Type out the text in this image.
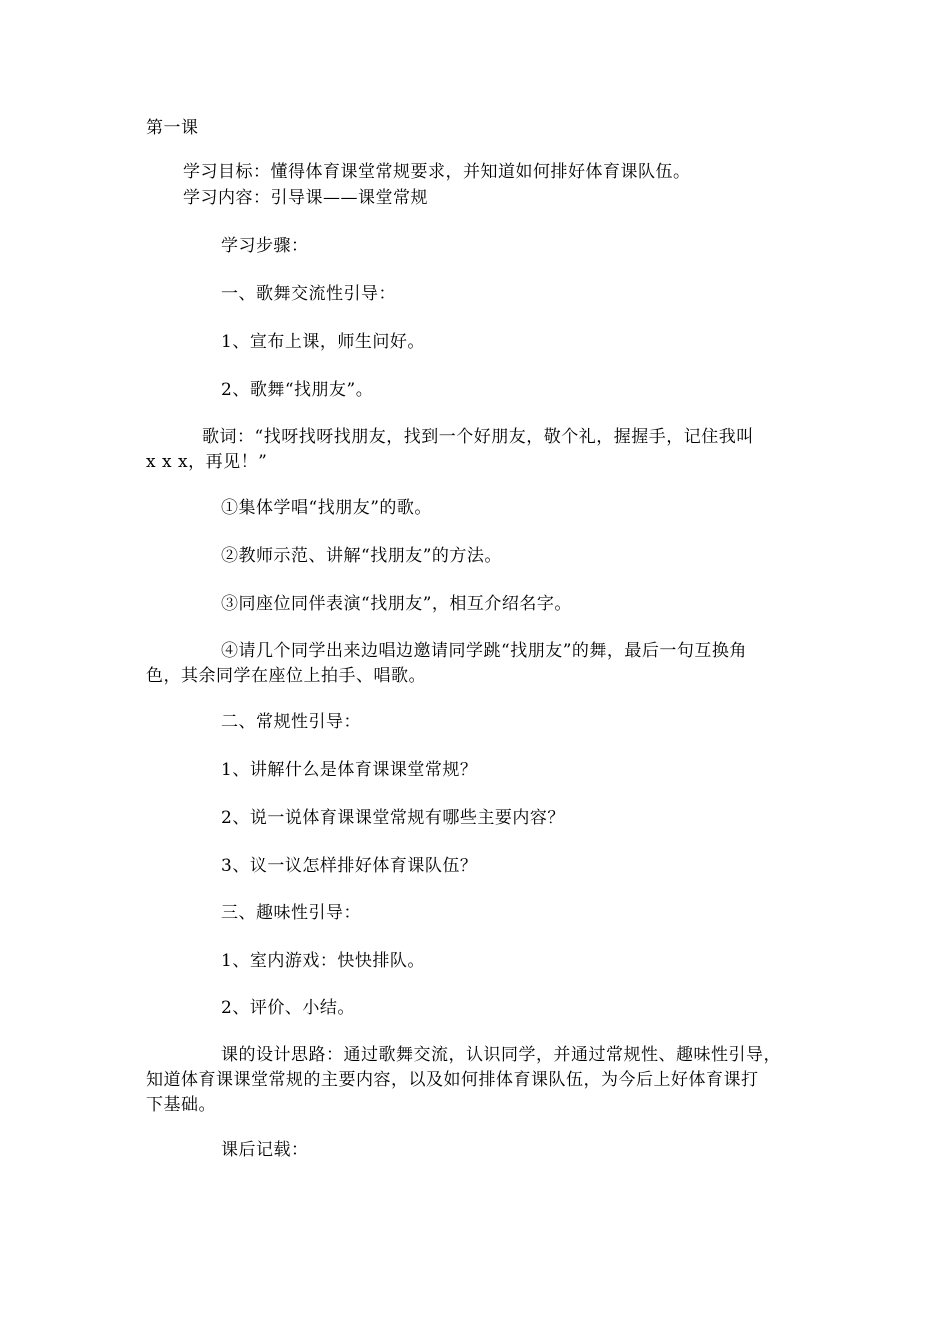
第一课
学习目标：懂得体育课堂常规要求，并知道如何排好体育课队伍。
学习内容：引导课——课堂常规
学习步骤：
一、歌舞交流性引导：
1、宣布上课，师生问好。
2、歌舞“找朋友”。
歌词：“找呀找呀找朋友，找到一个好朋友，敬个礼，握握手，记住我叫
x x x，再见！”
①集体学唱“找朋友”的歌。
②教师示范、讲解“找朋友”的方法。
③同座位同伴表演“找朋友”，相互介绍名字。
④请几个同学出来边唱边邀请同学跳“找朋友”的舞，最后一句互换角
色，其余同学在座位上拍手、唱歌。
二、常规性引导：
1、讲解什么是体育课课堂常规？
2、说一说体育课课堂常规有哪些主要内容？
3、议一议怎样排好体育课队伍？
三、趣味性引导：
1、室内游戏：快快排队。
2、评价、小结。
课的设计思路：通过歌舞交流，认识同学，并通过常规性、趣味性引导，
知道体育课课堂常规的主要内容，以及如何排体育课队伍，为今后上好体育课打
下基础。
课后记载：
